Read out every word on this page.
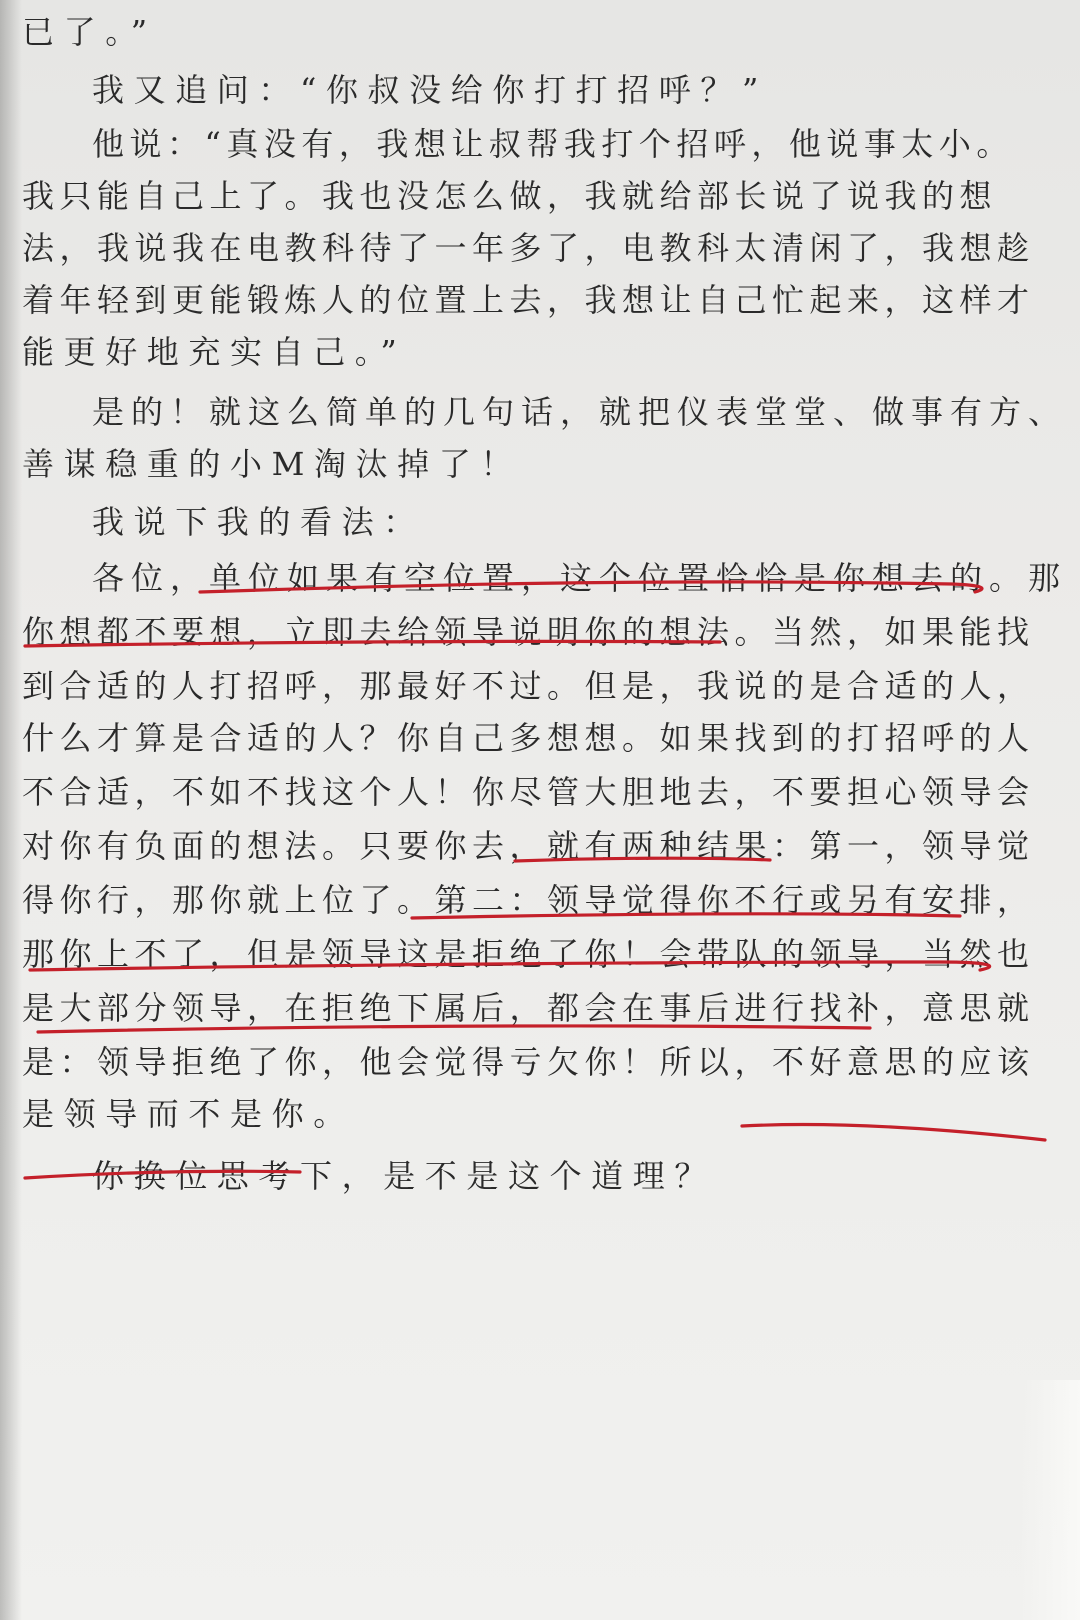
已了。”
我又追问：“你叔没给你打打招呼？”
他说：“真没有，我想让叔帮我打个招呼，他说事太小。
我只能自己上了。我也没怎么做，我就给部长说了说我的想
法，我说我在电教科待了一年多了，电教科太清闲了，我想趁
着年轻到更能锻炼人的位置上去，我想让自己忙起来，这样才
能更好地充实自己。”
是的！就这么简单的几句话，就把仪表堂堂、做事有方、
善谋稳重的小M淘汰掉了！
我说下我的看法：
各位，单位如果有空位置，这个位置恰恰是你想去的。那
你想都不要想，立即去给领导说明你的想法。当然，如果能找
到合适的人打招呼，那最好不过。但是，我说的是合适的人，
什么才算是合适的人？你自己多想想。如果找到的打招呼的人
不合适，不如不找这个人！你尽管大胆地去，不要担心领导会
对你有负面的想法。只要你去，就有两种结果：第一，领导觉
得你行，那你就上位了。第二：领导觉得你不行或另有安排，
那你上不了，但是领导这是拒绝了你！会带队的领导，当然也
是大部分领导，在拒绝下属后，都会在事后进行找补，意思就
是：领导拒绝了你，他会觉得亏欠你！所以，不好意思的应该
是领导而不是你。
你换位思考下，是不是这个道理？
